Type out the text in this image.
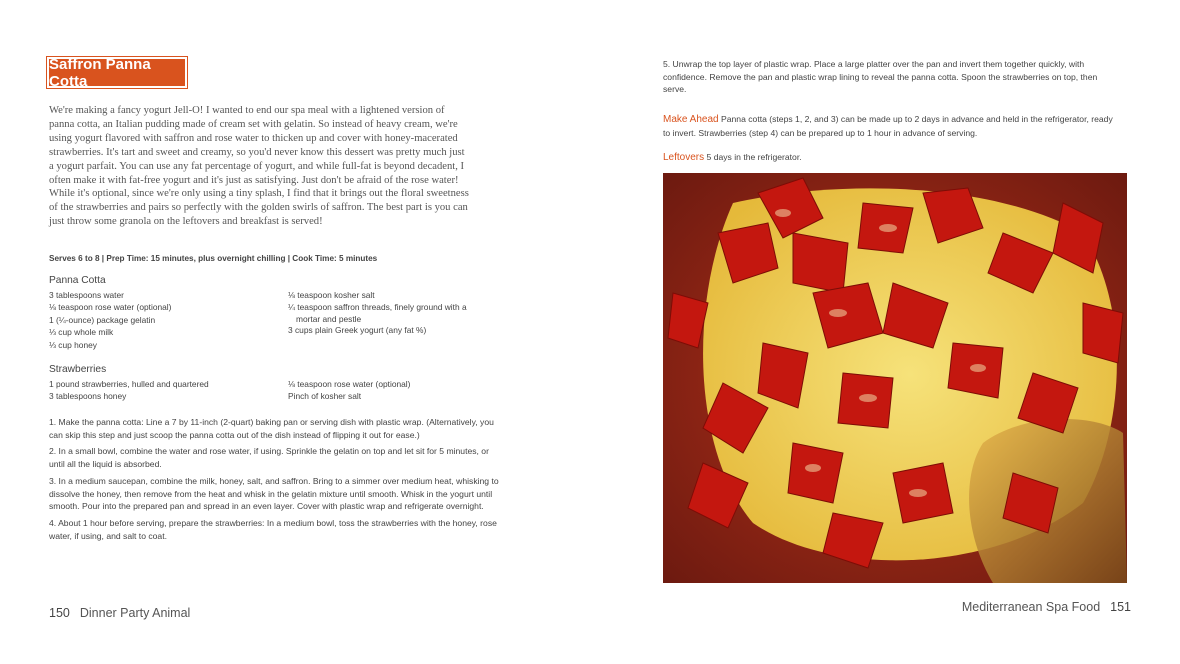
Saffron Panna Cotta
We're making a fancy yogurt Jell-O! I wanted to end our spa meal with a lightened version of panna cotta, an Italian pudding made of cream set with gelatin. So instead of heavy cream, we're using yogurt flavored with saffron and rose water to thicken up and cover with honey-macerated strawberries. It's tart and sweet and creamy, so you'd never know this dessert was pretty much just a yogurt parfait. You can use any fat percentage of yogurt, and while full-fat is beyond decadent, I often make it with fat-free yogurt and it's just as satisfying. Just don't be afraid of the rose water! While it's optional, since we're only using a tiny splash, I find that it brings out the floral sweetness of the strawberries and pairs so perfectly with the golden swirls of saffron. The best part is you can just throw some granola on the leftovers and breakfast is served!
Serves 6 to 8 | Prep Time: 15 minutes, plus overnight chilling | Cook Time: 5 minutes
Panna Cotta
3 tablespoons water
⅛ teaspoon rose water (optional)
1 (¼-ounce) package gelatin
⅓ cup whole milk
⅓ cup honey
⅛ teaspoon kosher salt
¼ teaspoon saffron threads, finely ground with a
mortar and pestle
3 cups plain Greek yogurt (any fat %)
Strawberries
1 pound strawberries, hulled and quartered
3 tablespoons honey
⅛ teaspoon rose water (optional)
Pinch of kosher salt

1. Make the panna cotta: Line a 7 by 11-inch (2-quart) baking pan or serving dish with plastic wrap. (Alternatively, you can skip this step and just scoop the panna cotta out of the dish instead of flipping it out for ease.)

2. In a small bowl, combine the water and rose water, if using. Sprinkle the gelatin on top and let sit for 5 minutes, or until all the liquid is absorbed.

3. In a medium saucepan, combine the milk, honey, salt, and saffron. Bring to a simmer over medium heat, whisking to dissolve the honey, then remove from the heat and whisk in the gelatin mixture until smooth. Whisk in the yogurt until smooth. Pour into the prepared pan and spread in an even layer. Cover with plastic wrap and refrigerate overnight.

4. About 1 hour before serving, prepare the strawberries: In a medium bowl, toss the strawberries with the honey, rose water, if using, and salt to coat.

150 Dinner Party Animal
5. Unwrap the top layer of plastic wrap. Place a large platter over the pan and invert them together quickly, with confidence. Remove the pan and plastic wrap lining to reveal the panna cotta. Spoon the strawberries on top, then serve.
Make Ahead Panna cotta (steps 1, 2, and 3) can be made up to 2 days in advance and held in the refrigerator, ready to invert. Strawberries (step 4) can be prepared up to 1 hour in advance of serving.
Leftovers 5 days in the refrigerator.
Mediterranean Spa Food 151
